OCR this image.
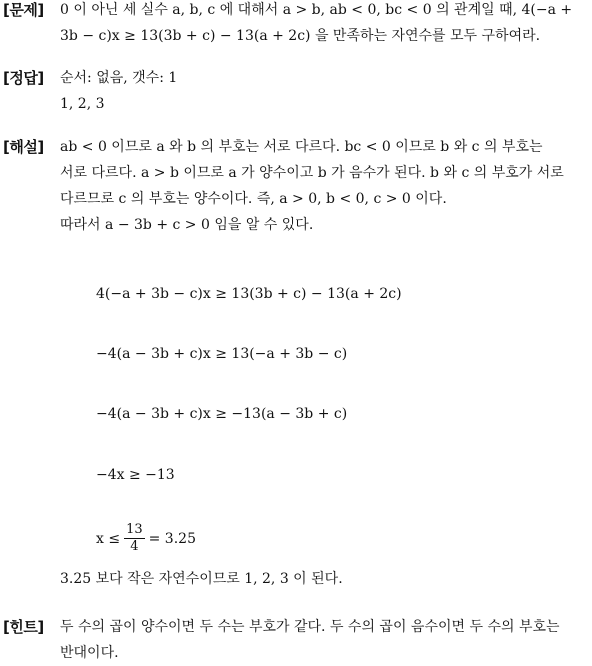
[문제] 0 이 아닌 세 실수 a, b, c 에 대해서 a > b, ab < 0, bc < 0 의 관계일 때, 4(−a +
3b − c)x ≥ 13(3b + c) − 13(a + 2c) 을 만족하는 자연수를 모두 구하여라.
[정답] 순서: 없음, 갯수: 1
1, 2, 3
[해설] ab < 0 이므로 a 와 b 의 부호는 서로 다르다. bc < 0 이므로 b 와 c 의 부호는
서로 다르다. a > b 이므로 a 가 양수이고 b 가 음수가 된다. b 와 c 의 부호가 서로
다르므로 c 의 부호는 양수이다. 즉, a > 0, b < 0, c > 0 이다.
따라서 a − 3b + c > 0 임을 알 수 있다.
4(−a + 3b − c)x ≥ 13(3b + c) − 13(a + 2c)
−4(a − 3b + c)x ≥ 13(−a + 3b − c)
−4(a − 3b + c)x ≥ −13(a − 3b + c)
−4x ≥ −13
$x \le \frac{13}{4} = 3.25$
3.25 보다 작은 자연수이므로 1, 2, 3 이 된다.
[힌트] 두 수의 곱이 양수이면 두 수는 부호가 같다. 두 수의 곱이 음수이면 두 수의 부호는
반대이다.
